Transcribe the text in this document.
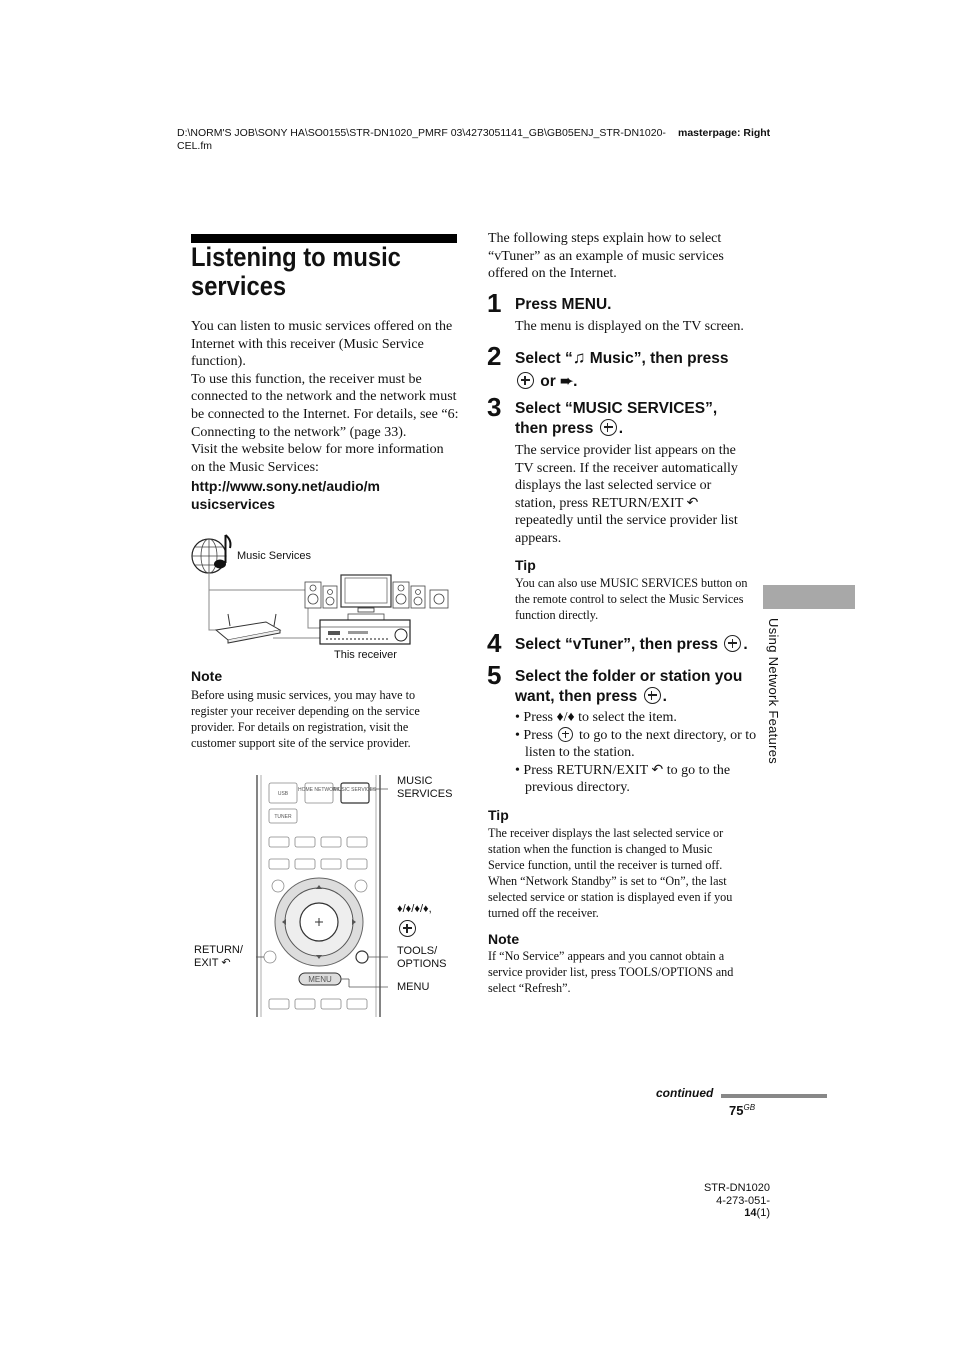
D:\NORM'S JOB\SONY HA\SO0155\STR-DN1020_PMRF 03\4273051141_GB\GB05ENJ_STR-DN1020-CEL.fm
masterpage: Right
Listening to music services
You can listen to music services offered on the Internet with this receiver (Music Service function).
To use this function, the receiver must be connected to the network and the network must be connected to the Internet. For details, see “6: Connecting to the network” (page 33).
Visit the website below for more information on the Music Services:
http://www.sony.net/audio/musicservices
Music Services
This receiver
Note
Before using music services, you may have to register your receiver depending on the service provider. For details on registration, visit the customer support site of the service provider.
USB
HOME NETWORK
MUSIC SERVICES
TUNER
MENU
MUSIC SERVICES
♦/♦/♦/♦,

RETURN/ EXIT ↶
TOOLS/ OPTIONS
MENU
The following steps explain how to select “vTuner” as an example of music services offered on the Internet.
1 Press MENU.
The menu is displayed on the TV screen.
2 Select “♫ Music”, then press
or ➨.
3 Select “MUSIC SERVICES”, then press .
The service provider list appears on the TV screen. If the receiver automatically displays the last selected service or station, press RETURN/EXIT ↶ repeatedly until the service provider list appears.
Tip
You can also use MUSIC SERVICES button on the remote control to select the Music Services function directly.
4 Select “vTuner”, then press .
5 Select the folder or station you want, then press .
• Press ♦/♦ to select the item.
• Press  to go to the next directory, or to listen to the station.
• Press RETURN/EXIT ↶ to go to the previous directory.
Tip
The receiver displays the last selected service or station when the function is changed to Music Service function, until the receiver is turned off. When “Network Standby” is set to “On”, the last selected service or station is displayed even if you turned off the receiver.
Note
If “No Service” appears and you cannot obtain a service provider list, press TOOLS/OPTIONS and select “Refresh”.
Using Network Features
continued
$75^{GB}$
STR-DN1020
4-273-051-14(1)
